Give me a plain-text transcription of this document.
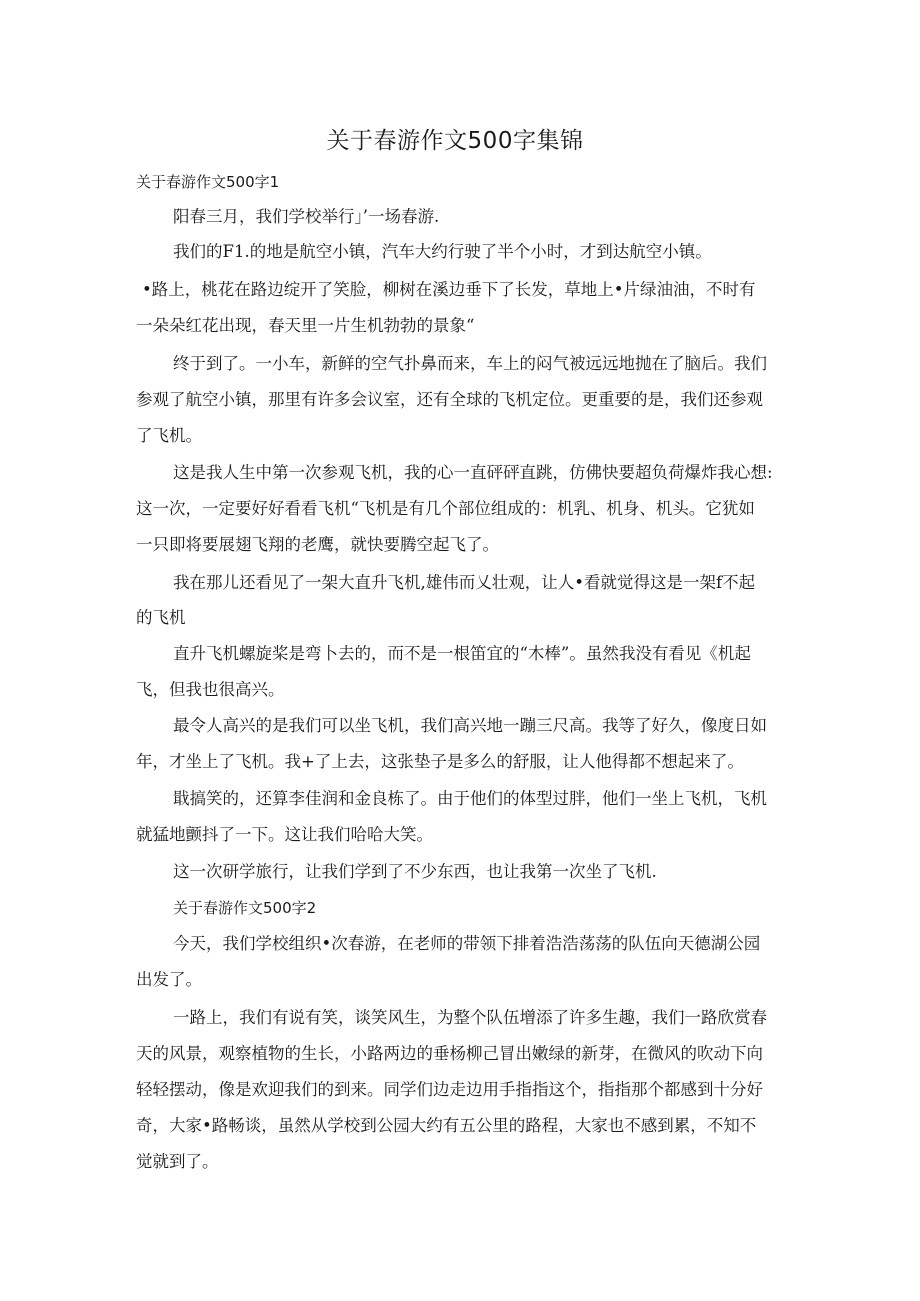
关于春游作文500字集锦
关于春游作文500字1
阳春三月，我们学校举行」’一场春游.
我们的F1.的地是航空小镇，汽车大约行驶了半个小时，才到达航空小镇。
•路上，桃花在路边绽开了笑脸，柳树在溪边垂下了长发，草地上•片绿油油，不时有
一朵朵红花出现，春天里一片生机勃勃的景象“
终于到了。一小车，新鲜的空气扑鼻而来，车上的闷气被远远地抛在了脑后。我们
参观了航空小镇，那里有许多会议室，还有全球的飞机定位。更重要的是，我们还参观
了飞机。
这是我人生中第一次参观飞机，我的心一直砰砰直跳，仿佛快要超负荷爆炸我心想:
这一次，一定要好好看看飞机“飞机是有几个部位组成的：机乳、机身、机头。它犹如
一只即将要展翅飞翔的老鹰，就快要腾空起飞了。
我在那儿还看见了一架大直升飞机,雄伟而乂壮观，让人•看就觉得这是一架f不起
的飞机
直升飞机螺旋桨是弯卜去的，而不是一根笛宜的“木棒”。虽然我没有看见《机起
飞，但我也很高兴。
最令人高兴的是我们可以坐飞机，我们高兴地一蹦三尺高。我等了好久，像度日如
年，才坐上了飞机。我+了上去，这张垫子是多么的舒服，让人他得都不想起来了。
戢搞笑的，还算李佳润和金良栋了。由于他们的体型过胖，他们一坐上飞机，飞机
就猛地颤抖了一下。这让我们哈哈大笑。
这一次研学旅行，让我们学到了不少东西，也让我第一次坐了飞机.
关于春游作文500字2
今天，我们学校组织•次春游，在老师的带领下排着浩浩荡荡的队伍向天德湖公园
出发了。
一路上，我们有说有笑，谈笑风生，为整个队伍增添了许多生趣，我们一路欣赏春
天的风景，观察植物的生长，小路两边的垂杨柳己冒出嫩绿的新芽，在微风的吹动下向
轻轻摆动，像是欢迎我们的到来。同学们边走边用手指指这个，指指那个都感到十分好
奇，大家•路畅谈，虽然从学校到公园大约有五公里的路程，大家也不感到累，不知不
觉就到了。
